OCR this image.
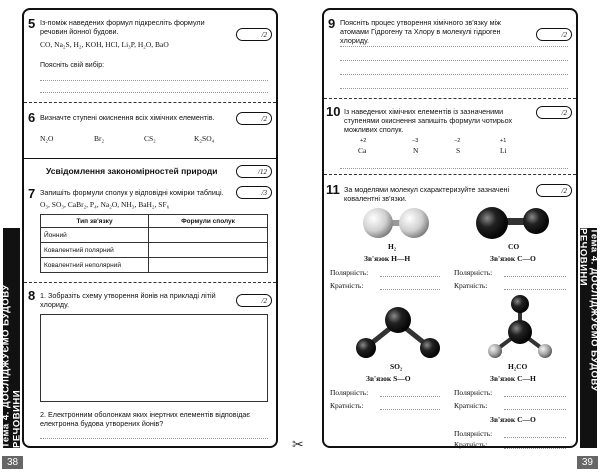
Тема 4. ДОСЛІДЖУЄМО БУДОВУ РЕЧОВИНИ
38
5
/2
Із-поміж наведених формул підкресліть формули речовин йонної будови.
CO, Na₂S, H₂, KOH, HCl, Li₃P, H₂O, BaO
Поясніть свій вибір:
6	/2
Визначте ступені окиснення всіх хімічних елементів.
N₂O	Br₂	CS₂	K₂SO₄
Усвідомлення закономірностей природи	/12
7	/3
Запишіть формули сполук у відповідні комірки таблиці.
O₃, SO₃, CaBr₂, P₄, Na₂O, NH₃, BaH₂, SF₆
Тип зв'язку	Формули сполук
Йонний	
Ковалентний полярний	
Ковалентний неполярний	
8	/2
1. Зобразіть схему утворення йонів на прикладі літій хлориду.
2. Електронним оболонкам яких інертних елементів відповідає електронна будова утворених йонів?
✂
Тема 4. ДОСЛІДЖУЄМО БУДОВУ РЕЧОВИНИ
39
9
/2
Поясніть процес утворення хімічного зв'язку між атомами Гідрогену та Хлору в молекулі гідроген хлориду.
10	/2
Із наведених хімічних елементів із зазначеними ступенями окиснення запишіть формули чотирьох можливих сполук.
+2
Ca
−3
N
−2
S
+1
Li
11	/2
За моделями молекул схарактеризуйте зазначені ковалентні зв'язки.
H₂
Зв'язок H—H
Полярність:
Кратність:
CO
Зв'язок C—O
Полярність:
Кратність:
SO₂
Зв'язок S—O
Полярність:
Кратність:
H₂CO
Зв'язок C—H
Полярність:
Кратність:
Зв'язок C—O
Полярність:
Кратність:
